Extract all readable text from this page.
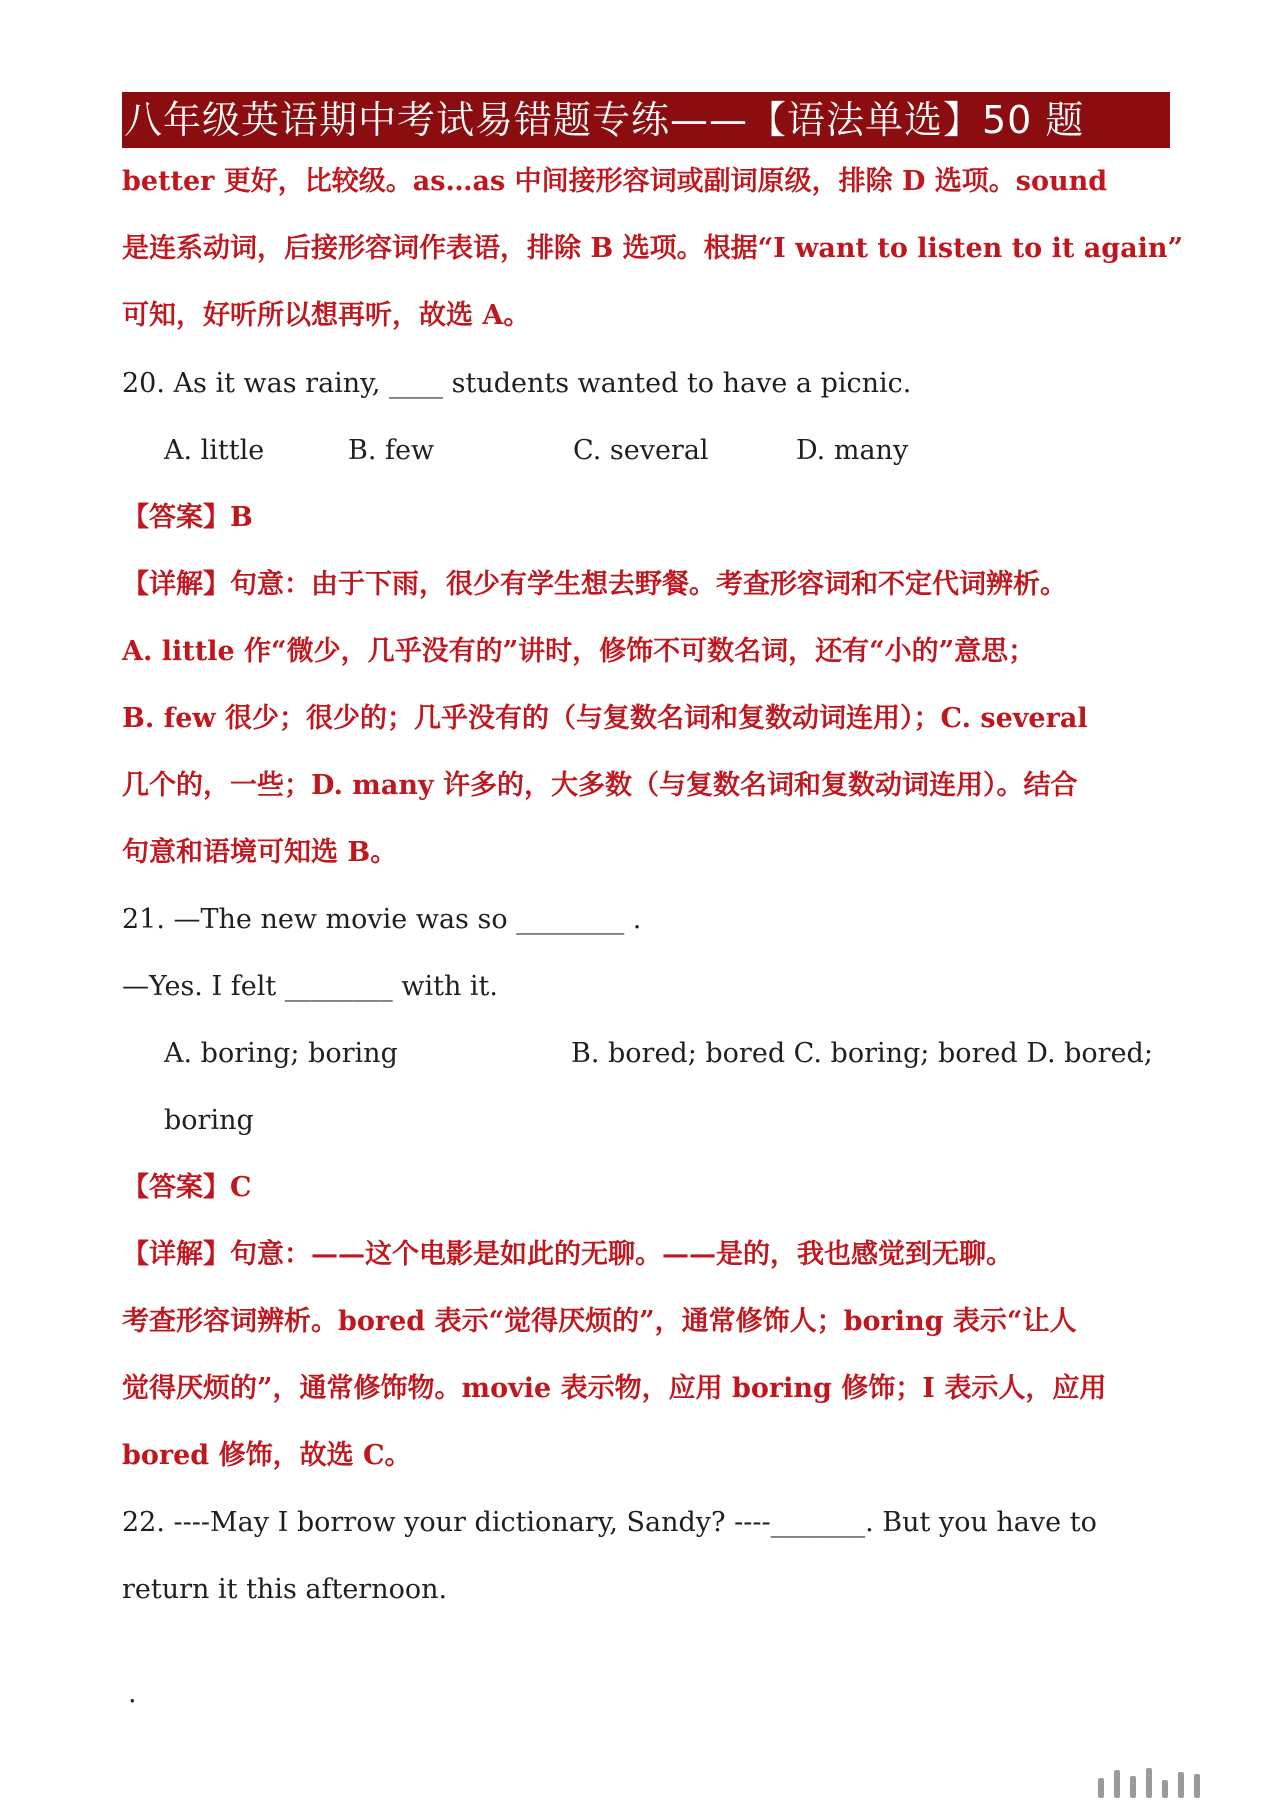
八年级英语期中考试易错题专练——【语法单选】50 题
better 更好，比较级。as…as 中间接形容词或副词原级，排除 D 选项。sound
是连系动词，后接形容词作表语，排除 B 选项。根据“I want to listen to it again”
可知，好听所以想再听，故选 A。
20. As it was rainy, ____ students wanted to have a picnic.
A. little	B. few	C. several	D. many
【答案】B
【详解】句意：由于下雨，很少有学生想去野餐。考查形容词和不定代词辨析。
A. little 作“微少，几乎没有的”讲时，修饰不可数名词，还有“小的”意思；
B. few 很少；很少的；几乎没有的（与复数名词和复数动词连用）；C. several
几个的，一些；D. many 许多的，大多数（与复数名词和复数动词连用）。结合
句意和语境可知选 B。
21. —The new movie was so ________ .
—Yes. I felt ________ with it.
A. boring; boring	B. bored; bored C. boring; bored D. bored;
boring
【答案】C
【详解】句意：——这个电影是如此的无聊。——是的，我也感觉到无聊。
考查形容词辨析。bored 表示“觉得厌烦的”，通常修饰人；boring 表示“让人
觉得厌烦的”，通常修饰物。movie 表示物，应用 boring 修饰；I 表示人，应用
bored 修饰，故选 C。
22. ----May I borrow your dictionary, Sandy? ----_______. But you have to
return it this afternoon.
.
